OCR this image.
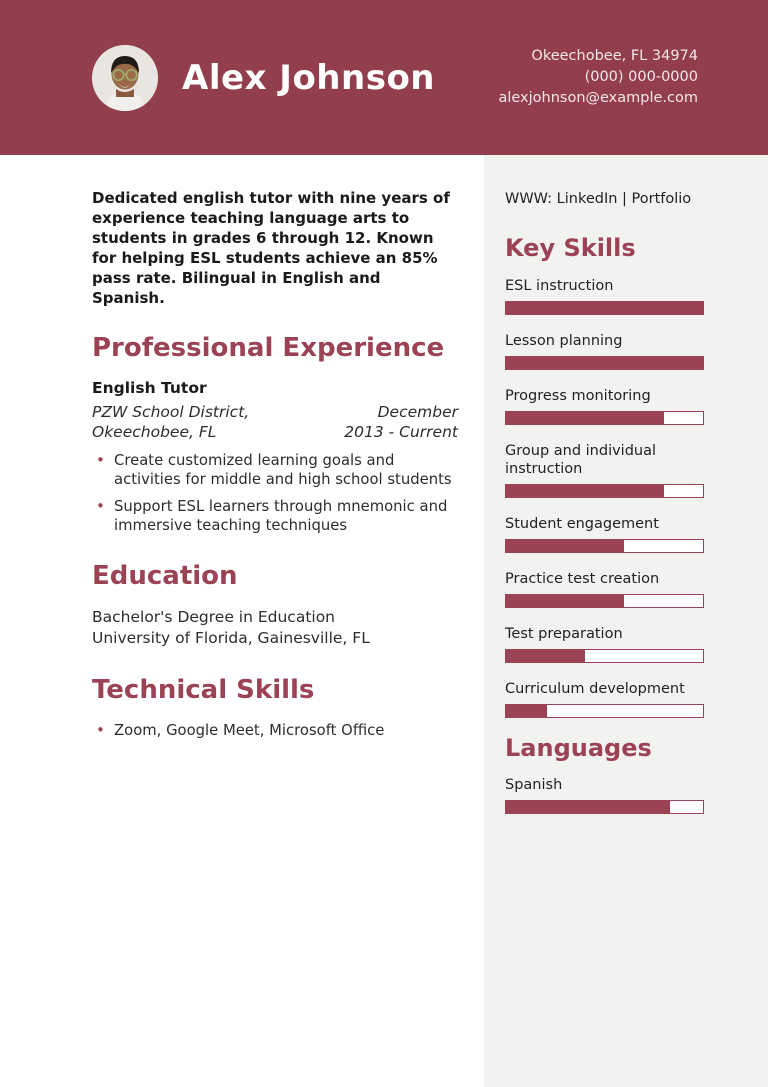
Alex Johnson
Okeechobee, FL 34974
(000) 000-0000
alexjohnson@example.com

Dedicated english tutor with nine years of experience teaching language arts to students in grades 6 through 12. Known for helping ESL students achieve an 85% pass rate. Bilingual in English and Spanish.

Professional Experience
English Tutor
PZW School District,
Okeechobee, FL
December
2013 - Current
• Create customized learning goals and activities for middle and high school students
• Support ESL learners through mnemonic and immersive teaching techniques
Education

Bachelor's Degree in Education

University of Florida, Gainesville, FL

Technical Skills
• Zoom, Google Meet, Microsoft Office
WWW: LinkedIn | Portfolio
Key Skills
ESL instruction
Lesson planning
Progress monitoring
Group and individual instruction
Student engagement
Practice test creation
Test preparation
Curriculum development
Languages
Spanish
